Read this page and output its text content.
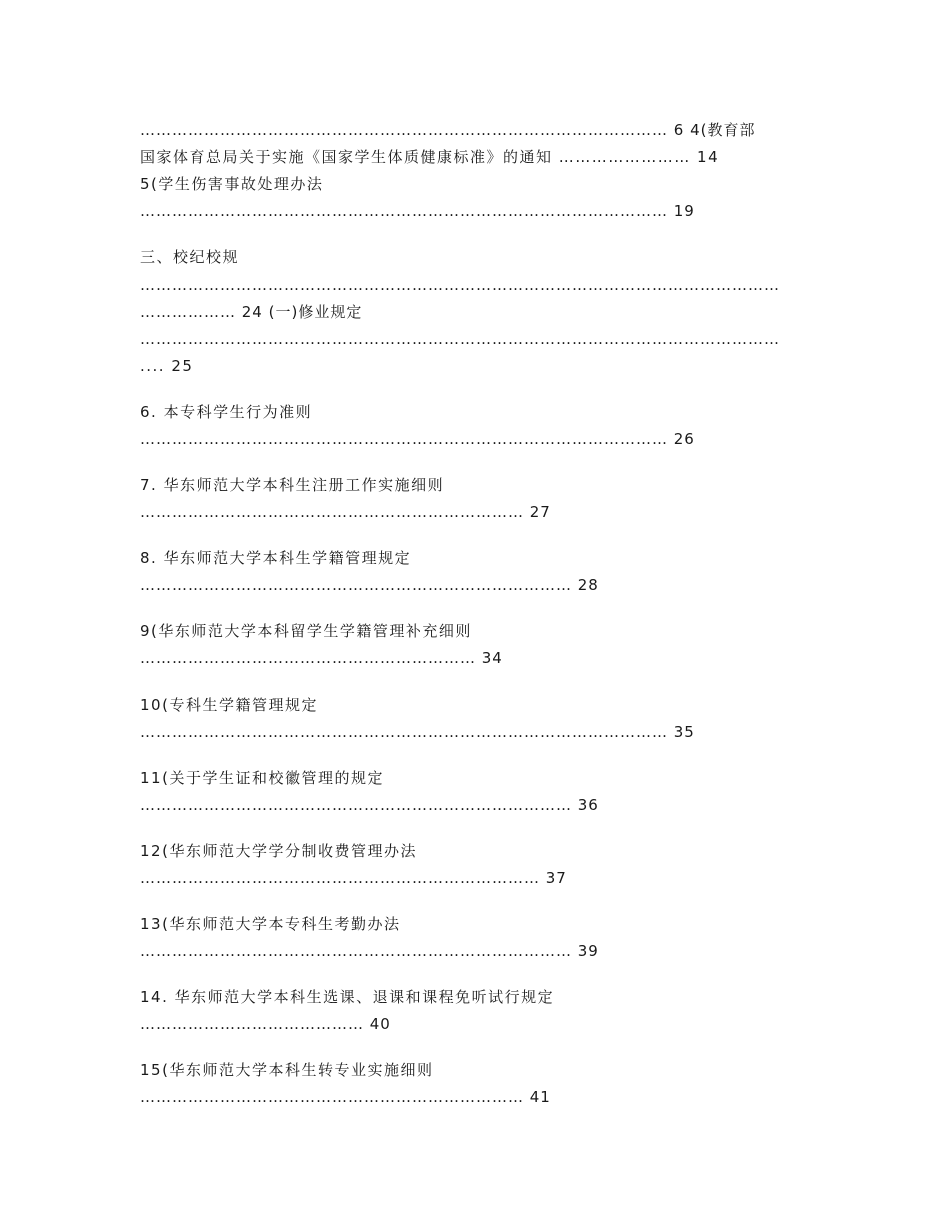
……………………………………………………………………………………… 6 4(教育部
国家体育总局关于实施《国家学生体质健康标准》的通知 …………………… 14
5(学生伤害事故处理办法
……………………………………………………………………………………… 19
三、校纪校规
…………………………………………………………………………………………………………
……………… 24 (一)修业规定
…………………………………………………………………………………………………………
.... 25
6. 本专科学生行为准则
……………………………………………………………………………………… 26
7. 华东师范大学本科生注册工作实施细则
……………………………………………………………… 27
8. 华东师范大学本科生学籍管理规定
……………………………………………………………………… 28
9(华东师范大学本科留学生学籍管理补充细则
……………………………………………………… 34
10(专科生学籍管理规定
……………………………………………………………………………………… 35
11(关于学生证和校徽管理的规定
……………………………………………………………………… 36
12(华东师范大学学分制收费管理办法
………………………………………………………………… 37
13(华东师范大学本专科生考勤办法
……………………………………………………………………… 39
14. 华东师范大学本科生选课、退课和课程免听试行规定
…………………………………… 40
15(华东师范大学本科生转专业实施细则
……………………………………………………………… 41
